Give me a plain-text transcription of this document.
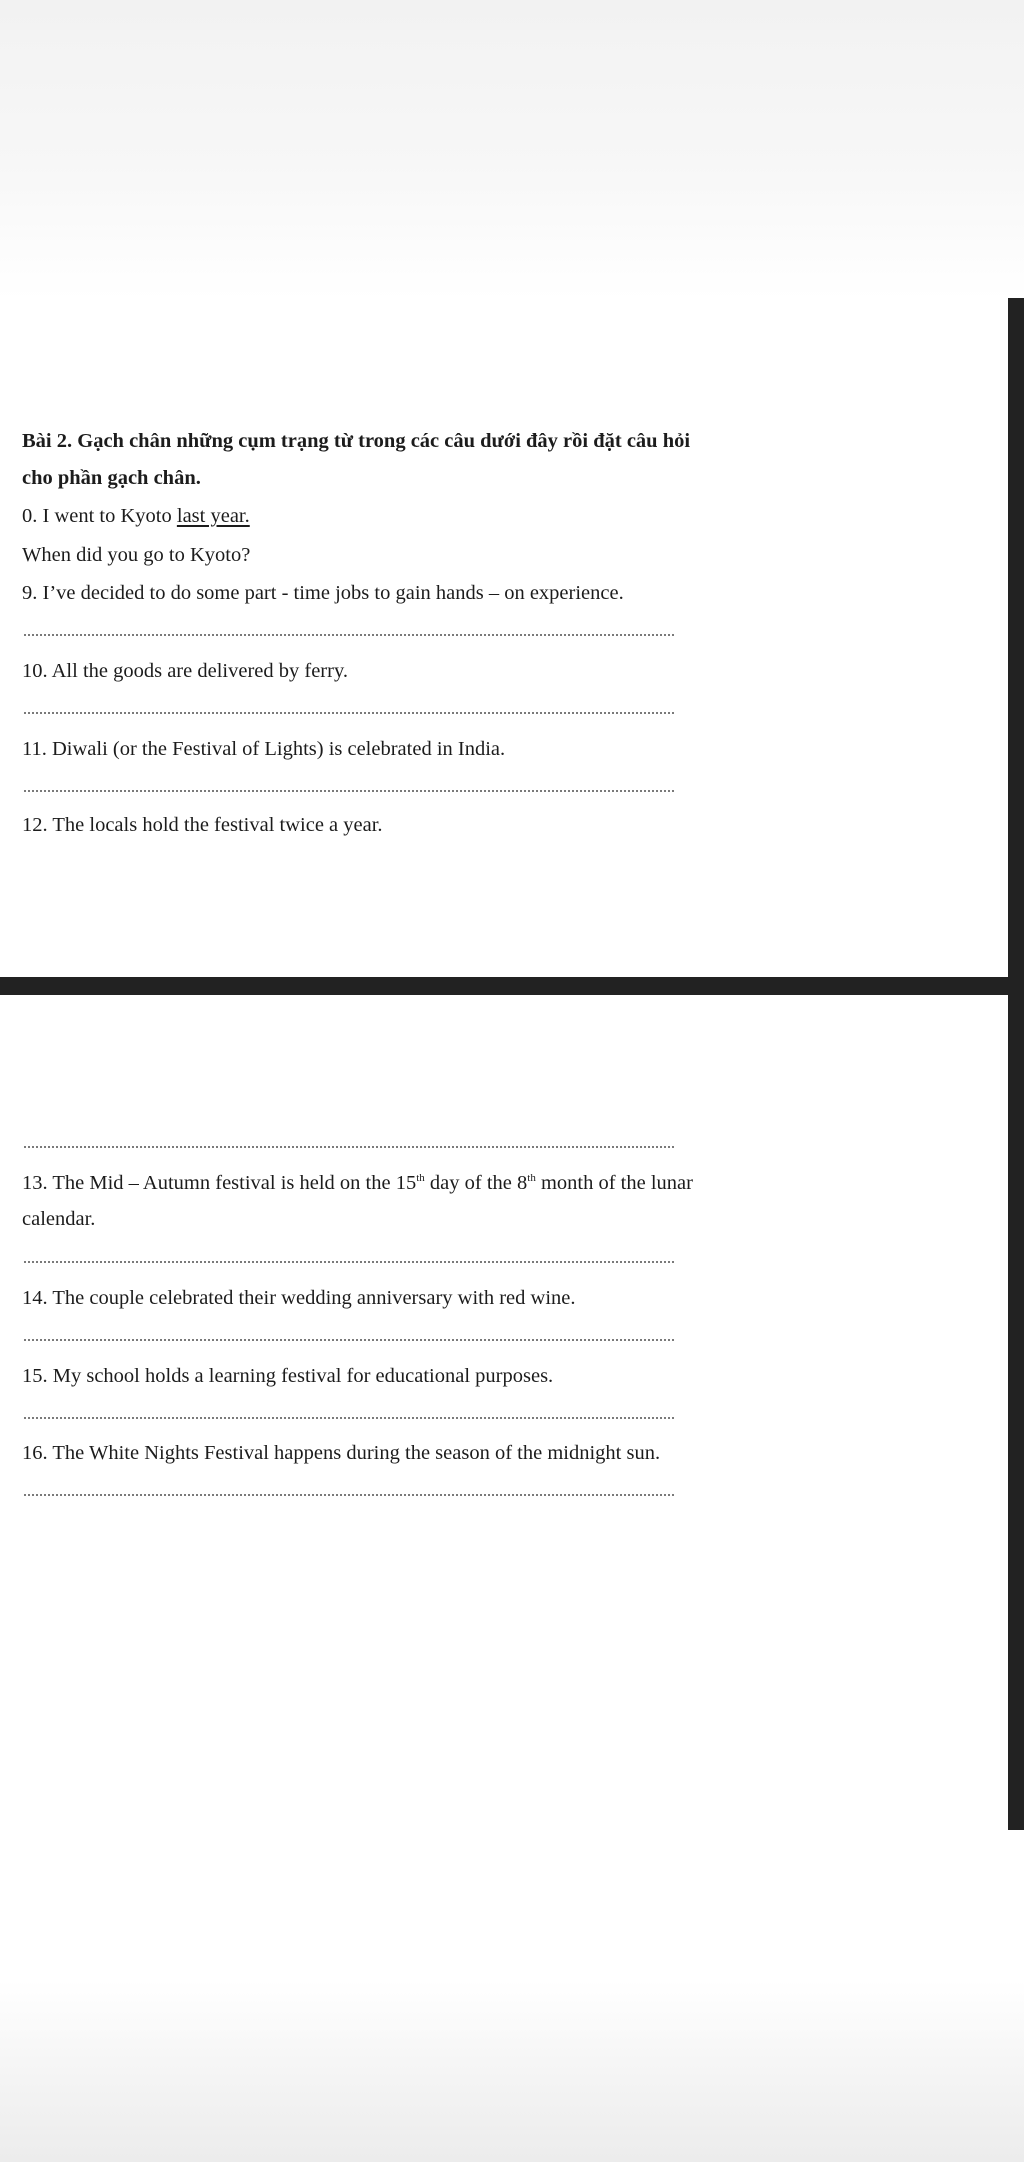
Bài 2. Gạch chân những cụm trạng từ trong các câu dưới đây rồi đặt câu hỏi
cho phần gạch chân.
0. I went to Kyoto last year.
When did you go to Kyoto?
9. I’ve decided to do some part - time jobs to gain hands – on experience.
10. All the goods are delivered by ferry.
11. Diwali (or the Festival of Lights) is celebrated in India.
12. The locals hold the festival twice a year.
13. The Mid – Autumn festival is held on the 15th day of the 8th month of the lunar
calendar.
14. The couple celebrated their wedding anniversary with red wine.
15. My school holds a learning festival for educational purposes.
16. The White Nights Festival happens during the season of the midnight sun.
